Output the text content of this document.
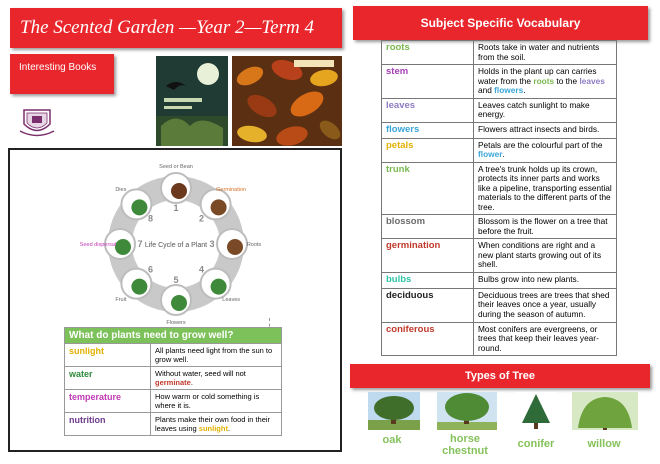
The Scented Garden —Year 2—Term 4
Interesting Books
1
Seed or Bean
2
Germination
3	Roots
4
Leaves
5
Flowers
6
Fruit
7
Seed dispersal
8
Dies
Life Cycle of a Plant
What do plants need to grow well?	
sunlight	All plants need light from the sun to grow well.
water	Without water, seed will not germinate.
temperature	How warm or cold something is where it is.
nutrition	Plants make their own food in their leaves using sunlight.
Subject Specific Vocabulary
roots	Roots take in water and nutrients from the soil.
stem	Holds in the plant up can carries water from the roots to the leaves and flowers.
leaves	Leaves catch sunlight to make energy.
flowers	Flowers attract insects and birds.
petals	Petals are the colourful part of the flower.
trunk	A tree's trunk holds up its crown, protects its inner parts and works like a pipeline, transporting essential materials to the different parts of the tree.
blossom	Blossom is the flower on a tree that before the fruit.
germination	When conditions are right and a new plant starts growing out of its shell.
bulbs	Bulbs grow into new plants.
deciduous	Deciduous trees are trees that shed their leaves once a year, usually during the season of autumn.
coniferous	Most conifers are evergreens, or trees that keep their leaves year-round.
Types of Tree
oak	horse chestnut
conifer	willow
